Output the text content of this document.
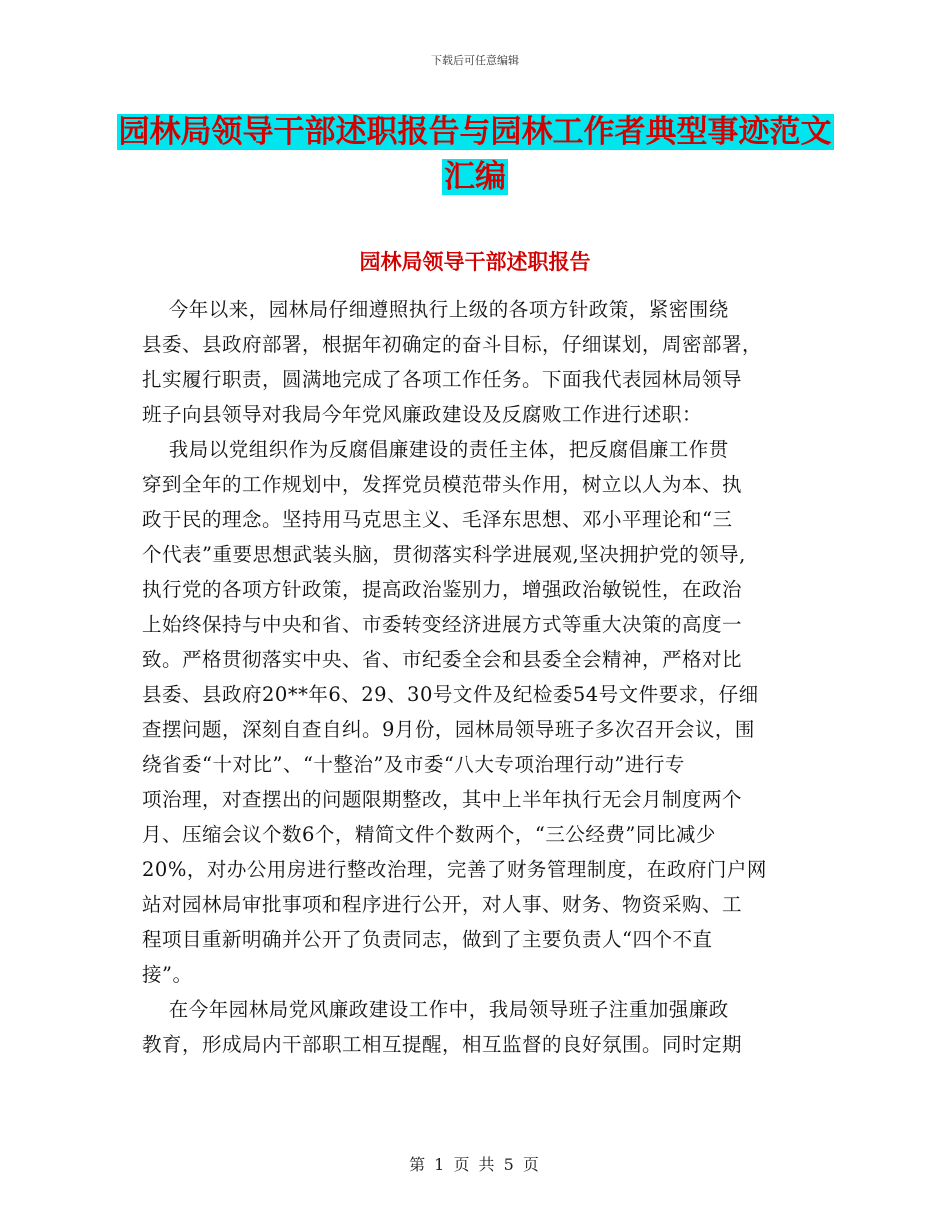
下载后可任意编辑
园林局领导干部述职报告与园林工作者典型事迹范文
汇编
园林局领导干部述职报告
今年以来，园林局仔细遵照执行上级的各项方针政策，紧密围绕
县委、县政府部署，根据年初确定的奋斗目标，仔细谋划，周密部署，
扎实履行职责，圆满地完成了各项工作任务。下面我代表园林局领导
班子向县领导对我局今年党风廉政建设及反腐败工作进行述职：
我局以党组织作为反腐倡廉建设的责任主体，把反腐倡廉工作贯
穿到全年的工作规划中，发挥党员模范带头作用，树立以人为本、执
政于民的理念。坚持用马克思主义、毛泽东思想、邓小平理论和“三
个代表”重要思想武装头脑，贯彻落实科学进展观,坚决拥护党的领导,
执行党的各项方针政策，提高政治鉴别力，增强政治敏锐性，在政治
上始终保持与中央和省、市委转变经济进展方式等重大决策的高度一
致。严格贯彻落实中央、省、市纪委全会和县委全会精神，严格对比
县委、县政府20**年6、29、30号文件及纪检委54号文件要求，仔细
查摆问题，深刻自查自纠。9月份，园林局领导班子多次召开会议，围
绕省委“十对比”、“十整治”及市委“八大专项治理行动”进行专
项治理，对查摆出的问题限期整改，其中上半年执行无会月制度两个
月、压缩会议个数6个，精简文件个数两个，“三公经费”同比减少
20%，对办公用房进行整改治理，完善了财务管理制度，在政府门户网
站对园林局审批事项和程序进行公开，对人事、财务、物资采购、工
程项目重新明确并公开了负责同志，做到了主要负责人“四个不直
接”。
在今年园林局党风廉政建设工作中，我局领导班子注重加强廉政
教育，形成局内干部职工相互提醒，相互监督的良好氛围。同时定期
第 1 页 共 5 页
